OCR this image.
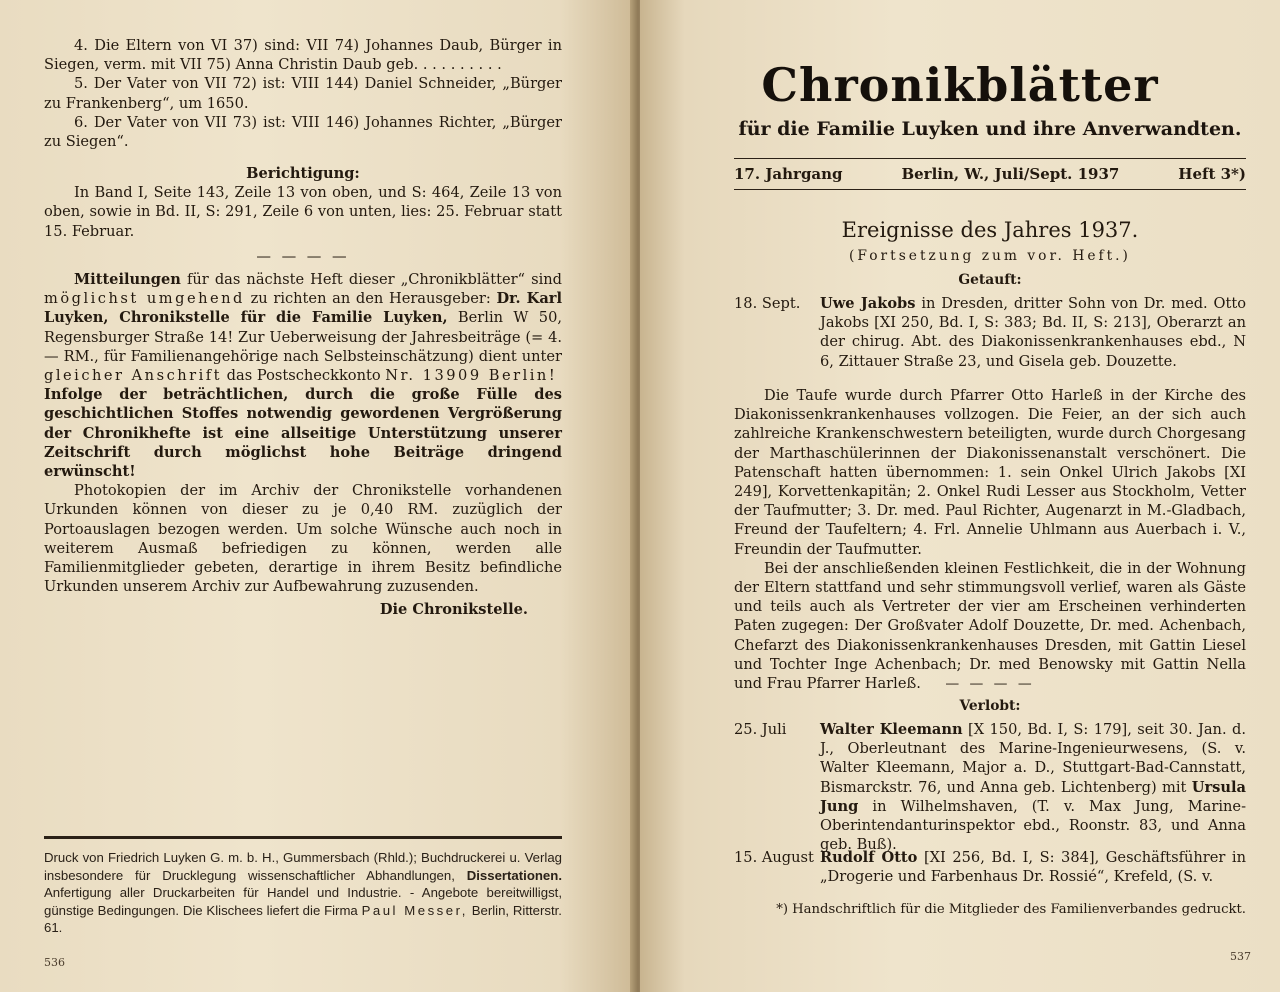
4. Die Eltern von VI 37) sind: VII 74) Johannes Daub, Bürger in Siegen, verm. mit VII 75) Anna Christin Daub geb. . . . . . . . . .

5. Der Vater von VII 72) ist: VIII 144) Daniel Schneider, „Bürger zu Frankenberg“, um 1650.

6. Der Vater von VII 73) ist: VIII 146) Johannes Richter, „Bürger zu Siegen“.

Berichtigung:

In Band I, Seite 143, Zeile 13 von oben, und S: 464, Zeile 13 von oben, sowie in Bd. II, S: 291, Zeile 6 von unten, lies: 25. Februar statt 15. Februar.

— — — —

Mitteilungen für das nächste Heft dieser „Chronikblätter“ sind möglichst umgehend zu richten an den Herausgeber: Dr. Karl Luyken, Chronikstelle für die Familie Luyken, Berlin W 50, Regensburger Straße 14! Zur Ueberweisung der Jahresbeiträge (= 4.— RM., für Familienangehörige nach Selbsteinschätzung) dient unter gleicher Anschrift das Postscheckkonto Nr. 13909 Berlin!

Infolge der beträchtlichen, durch die große Fülle des geschichtlichen Stoffes notwendig gewordenen Vergrößerung der Chronikhefte ist eine allseitige Unterstützung unserer Zeitschrift durch möglichst hohe Beiträge dringend erwünscht!

Photokopien der im Archiv der Chronikstelle vorhandenen Urkunden können von dieser zu je 0,40 RM. zuzüglich der Portoauslagen bezogen werden. Um solche Wünsche auch noch in weiterem Ausmaß befriedigen zu können, werden alle Familienmitglieder gebeten, derartige in ihrem Besitz befindliche Urkunden unserem Archiv zur Aufbewahrung zuzusenden.

Die Chronikstelle.

Druck von Friedrich Luyken G. m. b. H., Gummersbach (Rhld.); Buchdruckerei u. Verlag insbesondere für Drucklegung wissenschaftlicher Abhandlungen, Dissertationen. Anfertigung aller Druckarbeiten für Handel und Industrie. - Angebote bereitwilligst, günstige Bedingungen. Die Klischees liefert die Firma Paul Messer, Berlin, Ritterstr. 61.
536
Chronikblätter
für die Familie Luyken und ihre Anverwandten.
17. Jahrgang	Berlin, W., Juli/Sept. 1937	Heft 3*)
Ereignisse des Jahres 1937.
(Fortsetzung zum vor. Heft.)
Getauft:
18. Sept.	Uwe Jakobs in Dresden, dritter Sohn von Dr. med. Otto Jakobs [XI 250, Bd. I, S: 383; Bd. II, S: 213], Oberarzt an der chirug. Abt. des Diakonissenkrankenhauses ebd., N 6, Zittauer Straße 23, und Gisela geb. Douzette.

Die Taufe wurde durch Pfarrer Otto Harleß in der Kirche des Diakonissenkrankenhauses vollzogen. Die Feier, an der sich auch zahlreiche Krankenschwestern beteiligten, wurde durch Chorgesang der Marthaschülerinnen der Diakonissenanstalt verschönert. Die Patenschaft hatten übernommen: 1. sein Onkel Ulrich Jakobs [XI 249], Korvettenkapitän; 2. Onkel Rudi Lesser aus Stockholm, Vetter der Taufmutter; 3. Dr. med. Paul Richter, Augenarzt in M.-Gladbach, Freund der Taufeltern; 4. Frl. Annelie Uhlmann aus Auerbach i. V., Freundin der Taufmutter.

Bei der anschließenden kleinen Festlichkeit, die in der Wohnung der Eltern stattfand und sehr stimmungsvoll verlief, waren als Gäste und teils auch als Vertreter der vier am Erscheinen verhinderten Paten zugegen: Der Großvater Adolf Douzette, Dr. med. Achenbach, Chefarzt des Diakonissenkrankenhauses Dresden, mit Gattin Liesel und Tochter Inge Achenbach; Dr. med Benowsky mit Gattin Nella und Frau Pfarrer Harleß.	— — — —
Verlobt:
25. Juli	Walter Kleemann [X 150, Bd. I, S: 179], seit 30. Jan. d. J., Oberleutnant des Marine-Ingenieurwesens, (S. v. Walter Kleemann, Major a. D., Stuttgart-Bad-Cannstatt, Bismarckstr. 76, und Anna geb. Lichtenberg) mit Ursula Jung in Wilhelmshaven, (T. v. Max Jung, Marine-Oberintendanturinspektor ebd., Roonstr. 83, und Anna geb. Buß).
15. August Rudolf Otto [XI 256, Bd. I, S: 384], Geschäftsführer in „Drogerie und Farbenhaus Dr. Rossié“, Krefeld, (S. v.
*) Handschriftlich für die Mitglieder des Familienverbandes gedruckt.
537
